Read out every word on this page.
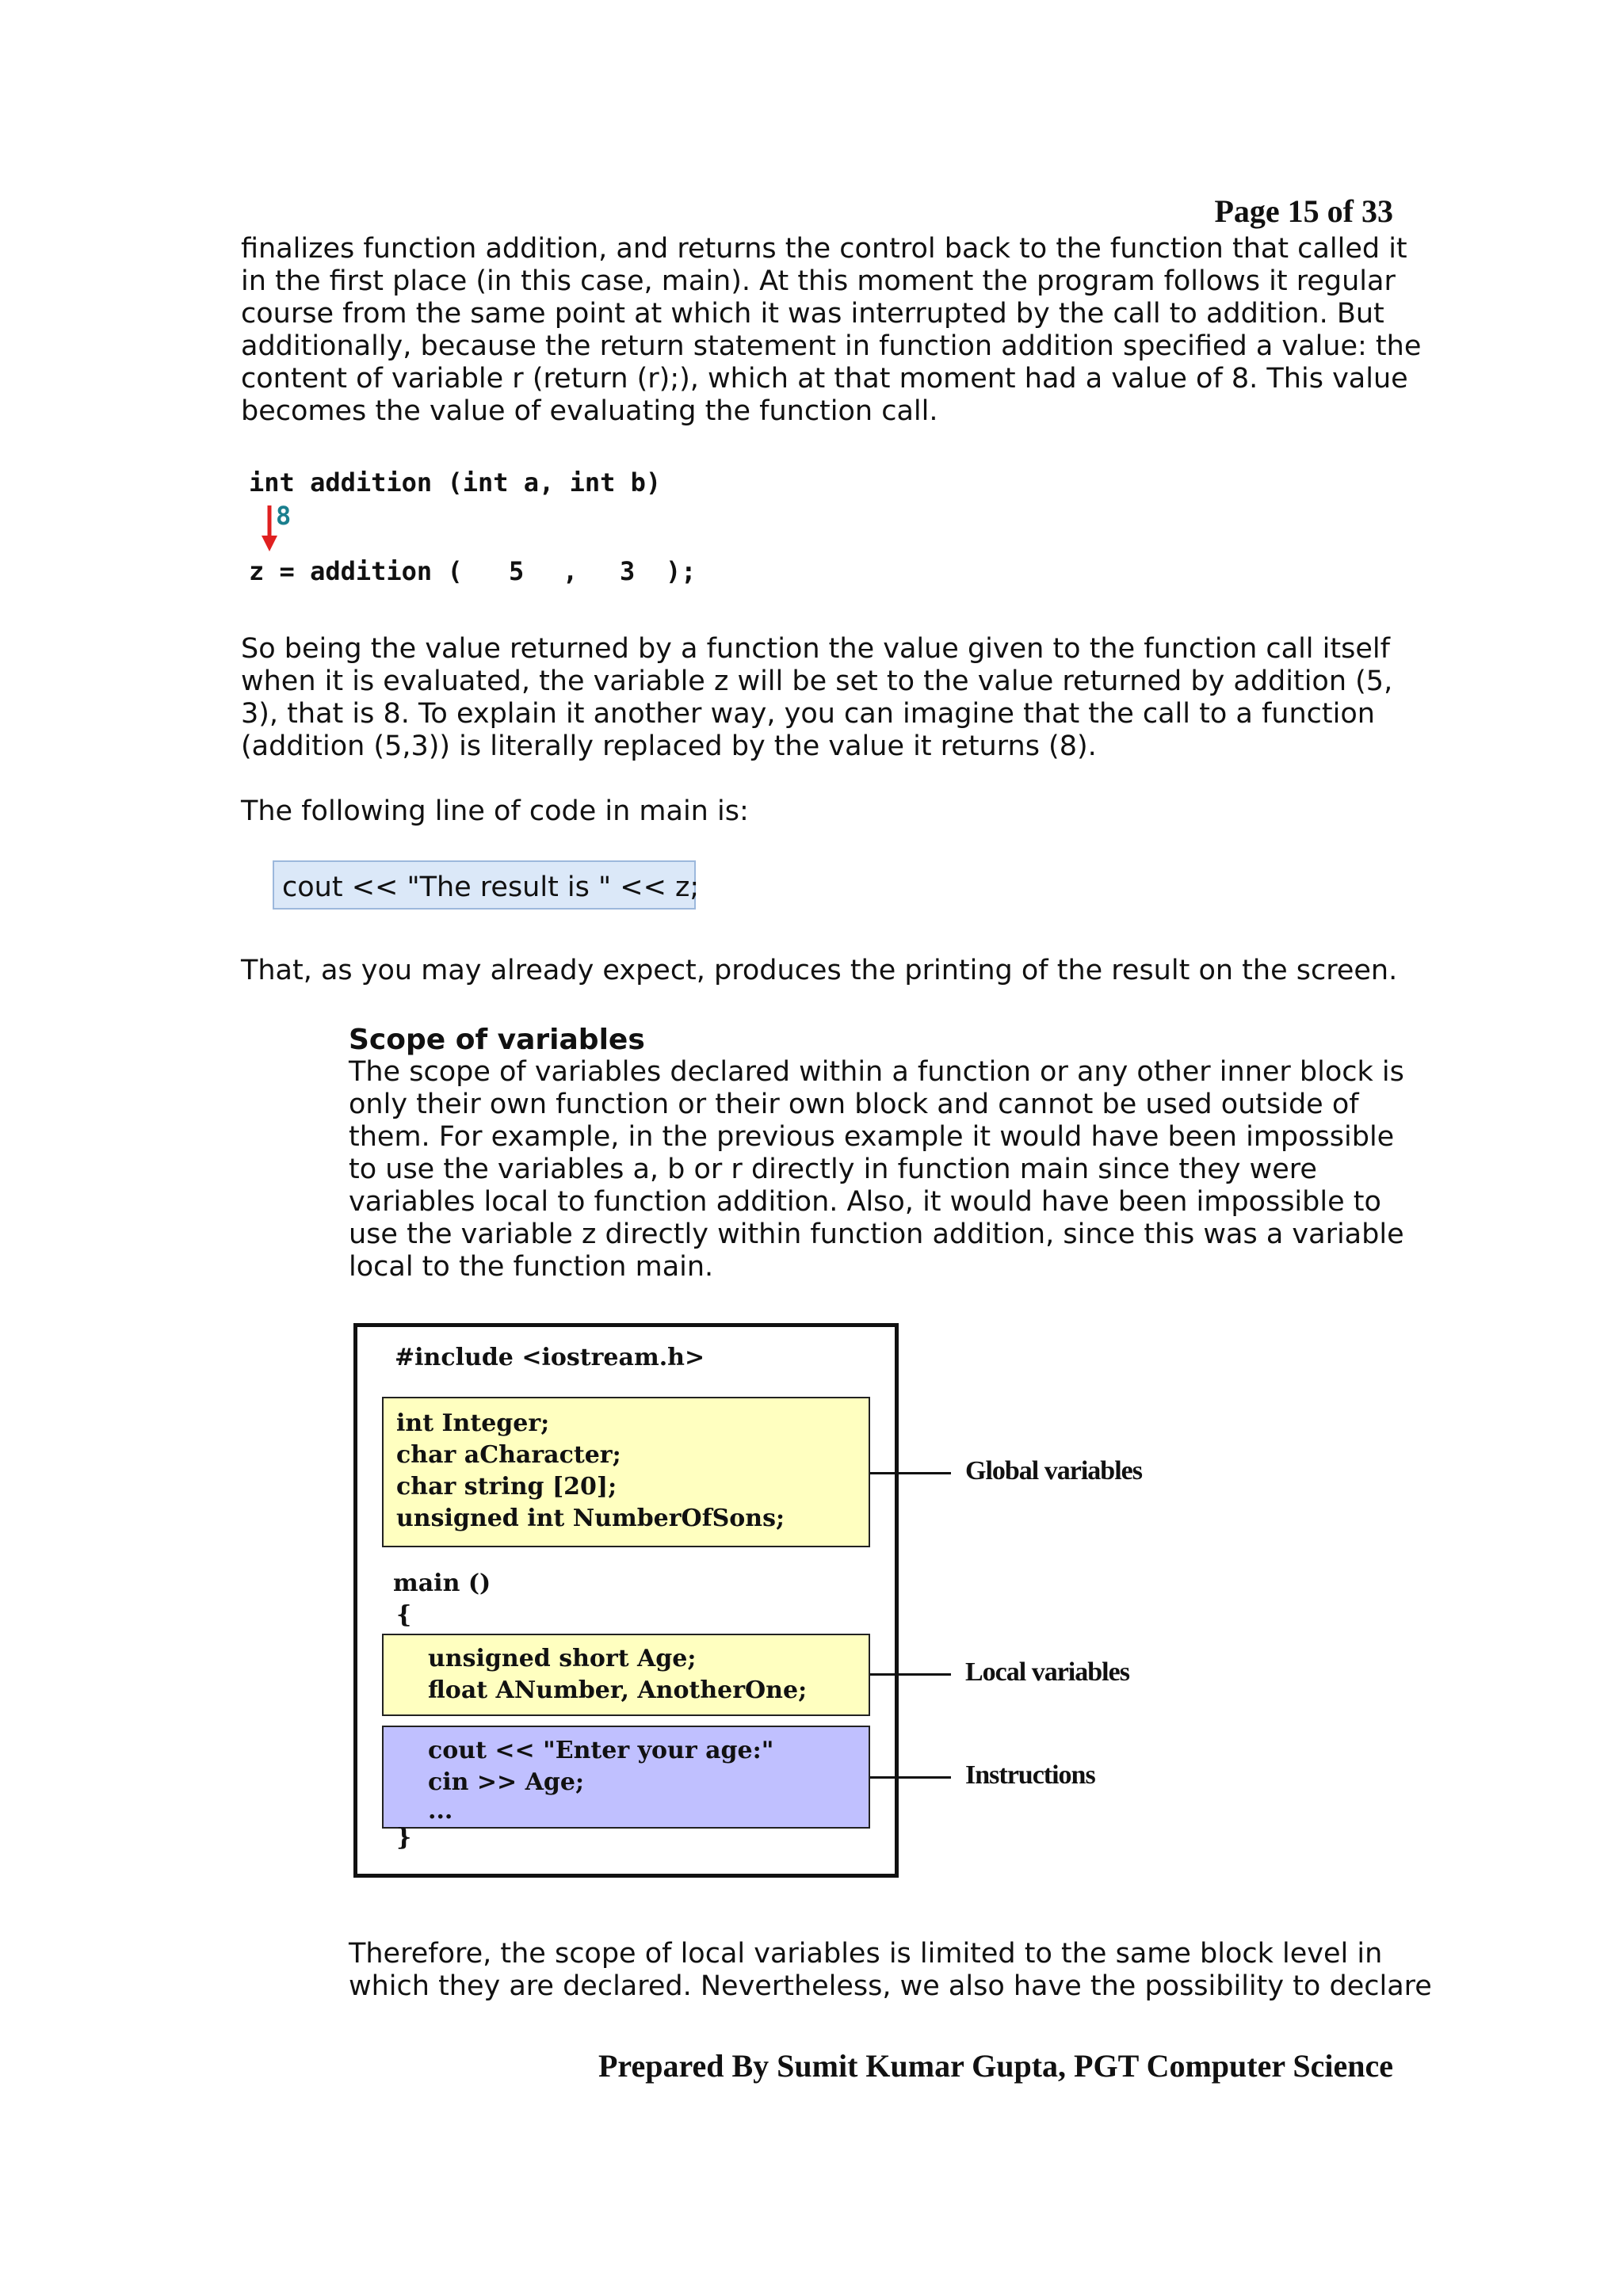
Page 15 of 33
finalizes function addition, and returns the control back to the function that called it
in the first place (in this case, main). At this moment the program follows it regular
course from the same point at which it was interrupted by the call to addition. But
additionally, because the return statement in function addition specified a value: the
content of variable r (return (r);), which at that moment had a value of 8. This value
becomes the value of evaluating the function call.
int addition (int a, int b)
8
z = addition ( 5 , 3 );
So being the value returned by a function the value given to the function call itself
when it is evaluated, the variable z will be set to the value returned by addition (5,
3), that is 8. To explain it another way, you can imagine that the call to a function
(addition (5,3)) is literally replaced by the value it returns (8).
The following line of code in main is:
cout << "The result is " << z;
That, as you may already expect, produces the printing of the result on the screen.
Scope of variables
The scope of variables declared within a function or any other inner block is
only their own function or their own block and cannot be used outside of
them. For example, in the previous example it would have been impossible
to use the variables a, b or r directly in function main since they were
variables local to function addition. Also, it would have been impossible to
use the variable z directly within function addition, since this was a variable
local to the function main.
#include <iostream.h>
int Integer;
char aCharacter;
char string [20];
unsigned int NumberOfSons;
main ()
{
unsigned short Age;
float ANumber, AnotherOne;
cout << "Enter your age:"
cin >> Age;
...
}
Global variables
Local variables
Instructions
Therefore, the scope of local variables is limited to the same block level in
which they are declared. Nevertheless, we also have the possibility to declare
Prepared By Sumit Kumar Gupta, PGT Computer Science
